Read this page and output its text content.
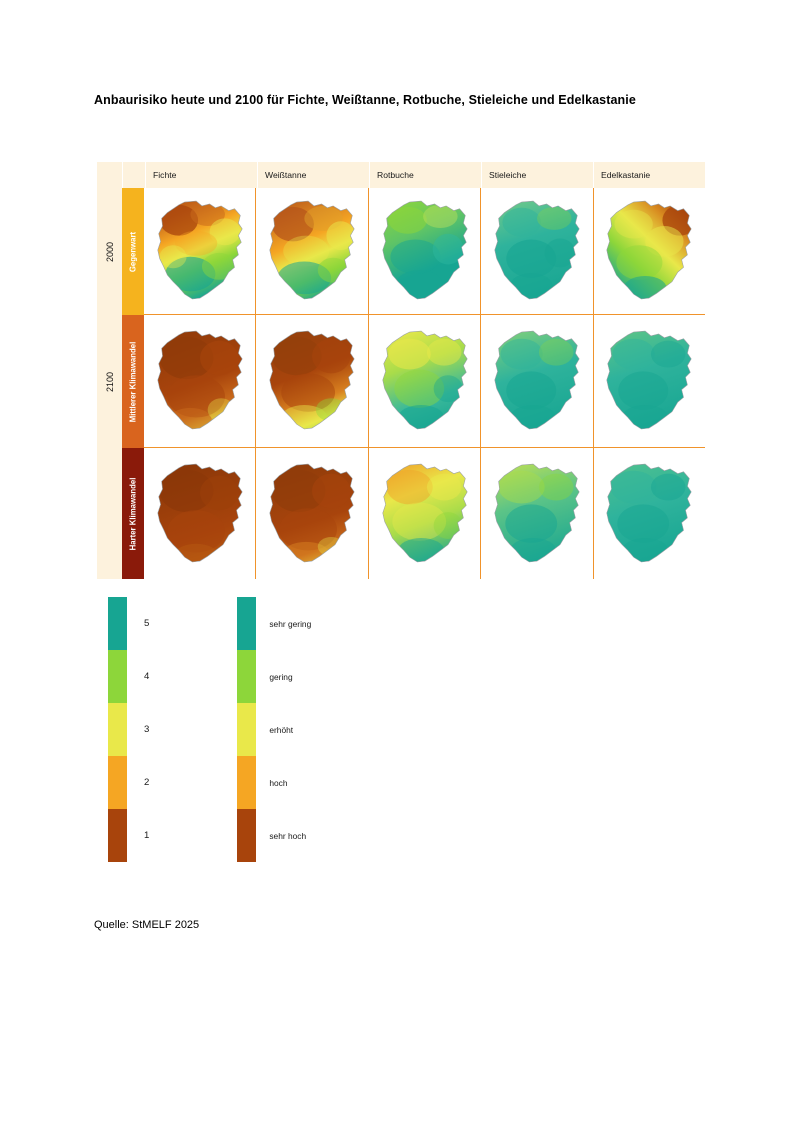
Anbaurisiko heute und 2100 für Fichte, Weißtanne, Rotbuche, Stieleiche und Edelkastanie
Fichte	Weißtanne	Rotbuche	Stieleiche	Edelkastanie
2000 Gegenwart
2100 Mittlerer Klimawandel
Harter Klimawandel
5
4
3
2
1
sehr gering
gering
erhöht
hoch
sehr hoch
Quelle: StMELF 2025
